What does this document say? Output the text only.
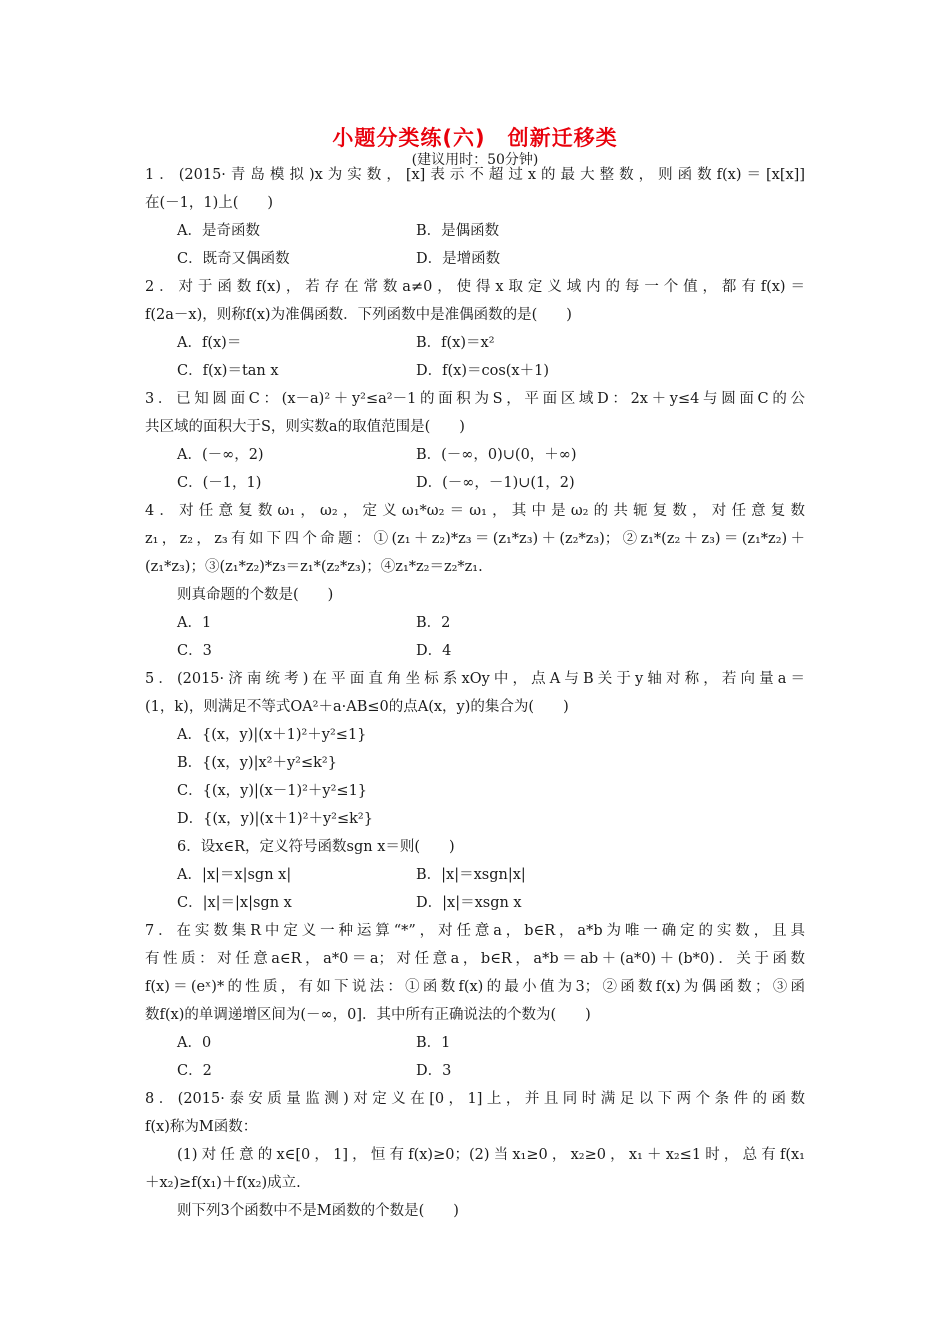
小题分类练(六)　创新迁移类
(建议用时：50分钟)
1．(2015·青岛模拟)x为实数，[x]表示不超过x的最大整数，则函数f(x)＝[x[x]]
在(－1，1)上(　　)
A．是奇函数	B．是偶函数
C．既奇又偶函数	D．是增函数
2．对于函数f(x)，若存在常数a≠0，使得x取定义域内的每一个值，都有f(x)＝
f(2a－x)，则称f(x)为准偶函数．下列函数中是准偶函数的是(　　)
A．f(x)＝	B．f(x)＝x²
C．f(x)＝tan x	D．f(x)＝cos(x＋1)
3．已知圆面C：(x－a)²＋y²≤a²－1的面积为S，平面区域D：2x＋y≤4与圆面C的公
共区域的面积大于S，则实数a的取值范围是(　　)
A．(－∞，2)	B．(－∞，0)∪(0，＋∞)
C．(－1，1)	D．(－∞，－1)∪(1，2)
4．对任意复数ω₁，ω₂，定义ω₁*ω₂＝ω₁，其中是ω₂的共轭复数，对任意复数
z₁，z₂，z₃有如下四个命题：①(z₁＋z₂)*z₃＝(z₁*z₃)＋(z₂*z₃)；②z₁*(z₂＋z₃)＝(z₁*z₂)＋
(z₁*z₃)；③(z₁*z₂)*z₃＝z₁*(z₂*z₃)；④z₁*z₂＝z₂*z₁.
则真命题的个数是(　　)
A．1	B．2
C．3	D．4
5．(2015·济南统考)在平面直角坐标系xOy中，点A与B关于y轴对称，若向量a＝
(1，k)，则满足不等式OA²＋a·AB≤0的点A(x，y)的集合为(　　)
A．{(x，y)|(x＋1)²＋y²≤1}
B．{(x，y)|x²＋y²≤k²}
C．{(x，y)|(x－1)²＋y²≤1}
D．{(x，y)|(x＋1)²＋y²≤k²}
6．设x∈R，定义符号函数sgn x＝则(　　)
A．|x|＝x|sgn x|	B．|x|＝xsgn|x|
C．|x|＝|x|sgn x	D．|x|＝xsgn x
7．在实数集R中定义一种运算“*”，对任意a，b∈R，a*b为唯一确定的实数，且具
有性质：对任意a∈R，a*0＝a；对任意a，b∈R，a*b＝ab＋(a*0)＋(b*0)．关于函数
f(x)＝(eˣ)*的性质，有如下说法：①函数f(x)的最小值为3；②函数f(x)为偶函数；③函
数f(x)的单调递增区间为(－∞，0]．其中所有正确说法的个数为(　　)
A．0	B．1
C．2	D．3
8．(2015·泰安质量监测)对定义在[0，1]上，并且同时满足以下两个条件的函数
f(x)称为M函数：
(1)对任意的x∈[0，1]，恒有f(x)≥0；(2)当x₁≥0，x₂≥0，x₁＋x₂≤1时，总有f(x₁
＋x₂)≥f(x₁)＋f(x₂)成立.
则下列3个函数中不是M函数的个数是(　　)
